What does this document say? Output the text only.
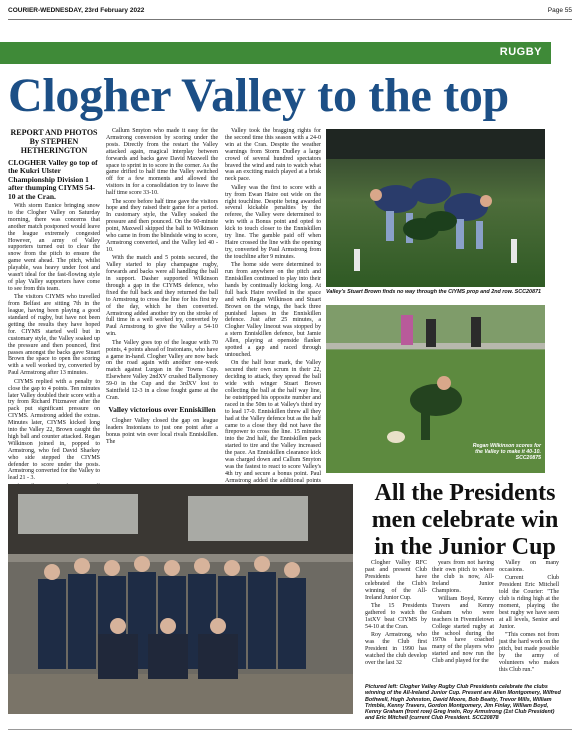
COURIER-WEDNESDAY, 23rd February 2022	Page 55
RUGBY
Clogher Valley to the top
REPORT AND PHOTOS
By STEPHEN HETHERINGTON
CLOGHER Valley go top of the Kukri Ulster Championship Division 1 after thumping CIYMS 54-10 at the Cran.

With storm Eunice bringing snow to the Clogher Valley on Saturday morning, there was concerns that another match postponed would leave the league extremely congested However, an army of Valley supporters turned out to clear the snow from the pitch to ensure the game went ahead. The pitch, whilst playable, was heavy under foot and wasn't ideal for the fast-flowing style of play Valley supporters have come to see from this team.

The visitors CIYMS who travelled from Belfast are sitting 7th in the league, having been playing a good standard of rugby, but have not been getting the results they have hoped for. CIYMS started well but in customary style, the Valley soaked up the pressure and then pounced, first passes amongst the backs gave Stuart Brown the space to open the scoring with a well worked try, converted by Paul Armstrong after 13 minutes.

CIYMS replied with a penalty to close the gap to 4 points. Ten minutes later Valley doubled their score with a try from Richard Fitzmaver after the pack put significant pressure on CIYMS. Armstrong added the extras. Minutes later, CIYMS kicked long into the Valley 22, Brown caught the high ball and counter attacked. Regan Wilkinson joined in, popped to Armstrong, who fed David Sharkey who side stepped the CIYMS defender to score under the posts. Armstrong converted for the Valley to lead 21 - 3.

Callum Smyton who made it easy for the Armstrong conversion by scoring under the posts. Directly from the restart the Valley attacked again, magical interplay between forwards and backs gave David Maxwell the space to sprint in to score in the corner. As the game drifted to half time the Valley switched off for a few moments and allowed the visitors in for a consolidation try to leave the half time score 33-10.

The score before half time gave the visitors hope and they raised their game for a period. In customary style, the Valley soaked the pressure and then pounced. On the 60-minute point, Maxwell skipped the ball to Wilkinson who came in from the blindside wing to score, Armstrong converted, and the Valley led 40 - 10.

With the match and 5 points secured, the Valley started to play champagne rugby, forwards and backs were all handling the ball in support. Dasher supported Wilkinson through a gap in the CIYMS defence, who fixed the full back and they returned the ball to Armstrong to cross the line for his first try of the day, which he then converted. Armstrong added another try on the stroke of full time in a well worked try, converted by Paul Armstrong to give the Valley a 54-10 win.

The Valley goes top of the league with 70 points, 4 points ahead of Instonians, who have a game in-hand. Clogher Valley are now back on the road again with another one-week match against Lurgan in the Towns Cup. Elsewhere Valley 2ndXV crushed Ballymoney 59-0 in the Cup and the 3rdXV lost to Saintfield 12-3 in a close fought game at the Cran.

Valley victorious over Enniskillen

Clogher Valley closed the gap on league leaders Instonians to just one point after a bonus point win over local rivals Enniskillen. The

Valley took the bragging rights for the second time this season with a 24-0 win at the Cran. Despite the weather warnings from Storm Dudley a large crowd of several hundred spectators braved the wind and rain to watch what was an exciting match played at a brisk neck pace.

Valley was the first to score with a try from Ewan Haire out wide on the right touchline. Despite being awarded several kickable penalties by the referee, the Valley were determined to win with a Bonus point and opted to kick to touch closer to the Enniskillen try line. The gamble paid off when Haire crossed the line with the opening try, converted by Paul Armstrong from the touchline after 9 minutes.

The home side were determined to run from anywhere on the pitch and Enniskillen continued to play into their hands by continually kicking long. At full back Haire revelled in the space and with Regan Wilkinson and Stuart Brown on the wings, the back three punished lapses in the Enniskillen defence. Just after 25 minutes, a Clogher Valley lineout was stopped by a stern Enniskillen defence, but Jamie Allen, playing at openside flanker spotted a gap and raced through untouched.

On the half hour mark, the Valley secured their own scrum in their 22, deciding to attack, they spread the ball wide with winger Stuart Brown collecting the ball at the half way line, he outstripped his opposite number and raced in the 50m to at Valley's third try to lead 17-0. Enniskillen threw all they had at the Valley defence but as the half came to a close they did not have the firepower to cross the line. 15 minutes into the 2nd half, the Enniskillen pack started to tire and the Valley increased the pace. An Enniskillen clearance kick was charged down and Callum Smyton was the fastest to react to score Valley's 4th try and secure a bonus point. Paul Armstrong added the additional points

Valley's Stuart Brown finds no way through the CIYMS prop and 2nd row. SCC20871
Regan Wilkinson scores for the Valley to make it 40-10. SCC20875
All the Presidents men celebrate win in the Junior Cup

Clogher Valley RFC past and present Club Presidents have celebrated the Club's winning of the All-Ireland Junior Cup.

The 15 Presidents gathered to watch the 1stXV beat CIYMS by 54-10 at the Cran.

Roy Armstrong, who was the Club first President in 1990 has watched the club develop over the last 32

years from not having their own pitch to where the club is now, All-Ireland Junior Champions.

William Boyd, Kenny Travers and Kenny Graham who were teachers in Fivemiletown College started rugby at the school during the 1970s have coached many of the players who started and now run the Club and played for the

Valley on many occasions.

Current Club President Eric Mitchell told the Courier: "The club is riding high at the moment, playing the best rugby we have seen at all levels, Senior and Junior.

"This comes not from just the hard work on the pitch, but made possible by the army of volunteers who makes this Club run."

Pictured left: Clogher Valley Rugby Club Presidents celebrate the clubs winning of the All-Ireland Junior Cup. Present are Allen Montgomery, Wilfred Bothwell, Hugh Johnston, David Moore, Bob Beatty, Trevor Mills, William Trimble, Kenny Travers, Gordon Montgomery, Jim Finlay, William Boyd, Kenny Graham (front row) Greg Irwin, Roy Armstrong (1st Club President) and Eric Mitchell (current Club President. SCC20878
